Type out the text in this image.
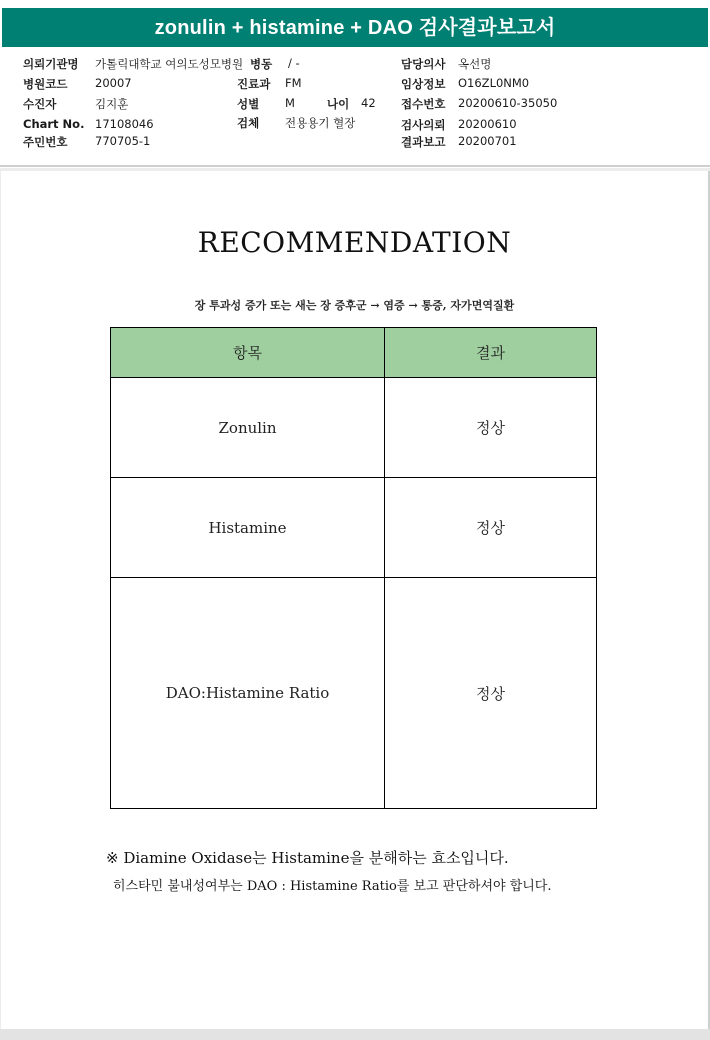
zonulin + histamine + DAO 검사결과보고서
의뢰기관명 가톨릭대학교 여의도성모병원 병동 / -	담당의사 옥선명
병원코드 20007	진료과 FM	임상정보 O16ZL0NM0
수진자	김지훈	성별 M	나이 42 접수번호 20200610-35050
Chart No. 17108046	검체 전용용기 혈장	검사의뢰 20200610
주민번호 770705-1	결과보고 20200701
RECOMMENDATION
장 투과성 증가 또는 새는 장 증후군 → 염증 → 통증, 자가면역질환
항목	결과
Zonulin	정상
Histamine	정상
DAO:Histamine Ratio	정상
※ Diamine Oxidase는 Histamine을 분해하는 효소입니다.
히스타민 불내성여부는 DAO : Histamine Ratio를 보고 판단하셔야 합니다.
